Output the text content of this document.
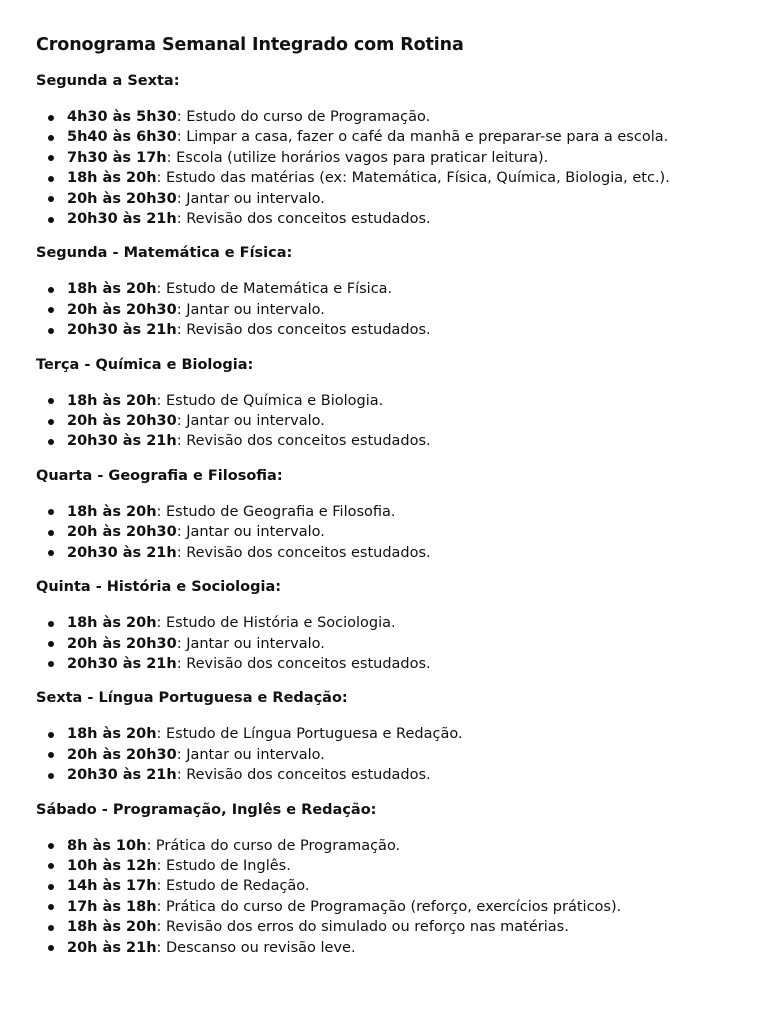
Cronograma Semanal Integrado com Rotina
Segunda a Sexta:
4h30 às 5h30: Estudo do curso de Programação.
5h40 às 6h30: Limpar a casa, fazer o café da manhã e preparar-se para a escola.
7h30 às 17h: Escola (utilize horários vagos para praticar leitura).
18h às 20h: Estudo das matérias (ex: Matemática, Física, Química, Biologia, etc.).
20h às 20h30: Jantar ou intervalo.
20h30 às 21h: Revisão dos conceitos estudados.
Segunda - Matemática e Física:
18h às 20h: Estudo de Matemática e Física.
20h às 20h30: Jantar ou intervalo.
20h30 às 21h: Revisão dos conceitos estudados.
Terça - Química e Biologia:
18h às 20h: Estudo de Química e Biologia.
20h às 20h30: Jantar ou intervalo.
20h30 às 21h: Revisão dos conceitos estudados.
Quarta - Geografia e Filosofia:
18h às 20h: Estudo de Geografia e Filosofia.
20h às 20h30: Jantar ou intervalo.
20h30 às 21h: Revisão dos conceitos estudados.
Quinta - História e Sociologia:
18h às 20h: Estudo de História e Sociologia.
20h às 20h30: Jantar ou intervalo.
20h30 às 21h: Revisão dos conceitos estudados.
Sexta - Língua Portuguesa e Redação:
18h às 20h: Estudo de Língua Portuguesa e Redação.
20h às 20h30: Jantar ou intervalo.
20h30 às 21h: Revisão dos conceitos estudados.
Sábado - Programação, Inglês e Redação:
8h às 10h: Prática do curso de Programação.
10h às 12h: Estudo de Inglês.
14h às 17h: Estudo de Redação.
17h às 18h: Prática do curso de Programação (reforço, exercícios práticos).
18h às 20h: Revisão dos erros do simulado ou reforço nas matérias.
20h às 21h: Descanso ou revisão leve.
